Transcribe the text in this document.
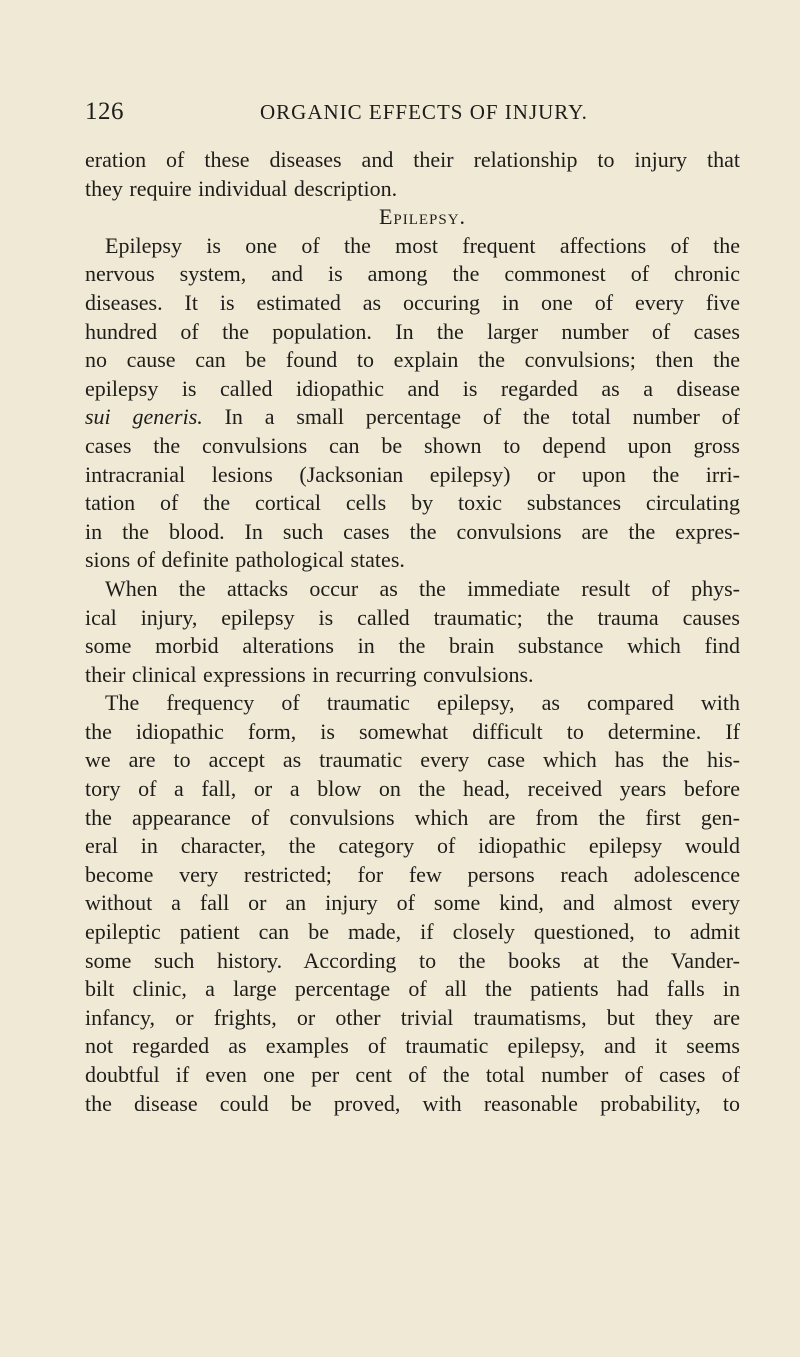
126	ORGANIC EFFECTS OF INJURY.
eration of these diseases and their relationship to injury that
they require individual description.
Epilepsy.
Epilepsy is one of the most frequent affections of the
nervous system, and is among the commonest of chronic
diseases. It is estimated as occuring in one of every five
hundred of the population. In the larger number of cases
no cause can be found to explain the convulsions; then the
epilepsy is called idiopathic and is regarded as a disease
sui generis. In a small percentage of the total number of
cases the convulsions can be shown to depend upon gross
intracranial lesions (Jacksonian epilepsy) or upon the irri-
tation of the cortical cells by toxic substances circulating
in the blood. In such cases the convulsions are the expres-
sions of definite pathological states.
When the attacks occur as the immediate result of phys-
ical injury, epilepsy is called traumatic; the trauma causes
some morbid alterations in the brain substance which find
their clinical expressions in recurring convulsions.
The frequency of traumatic epilepsy, as compared with
the idiopathic form, is somewhat difficult to determine. If
we are to accept as traumatic every case which has the his-
tory of a fall, or a blow on the head, received years before
the appearance of convulsions which are from the first gen-
eral in character, the category of idiopathic epilepsy would
become very restricted; for few persons reach adolescence
without a fall or an injury of some kind, and almost every
epileptic patient can be made, if closely questioned, to admit
some such history. According to the books at the Vander-
bilt clinic, a large percentage of all the patients had falls in
infancy, or frights, or other trivial traumatisms, but they are
not regarded as examples of traumatic epilepsy, and it seems
doubtful if even one per cent of the total number of cases of
the disease could be proved, with reasonable probability, to
